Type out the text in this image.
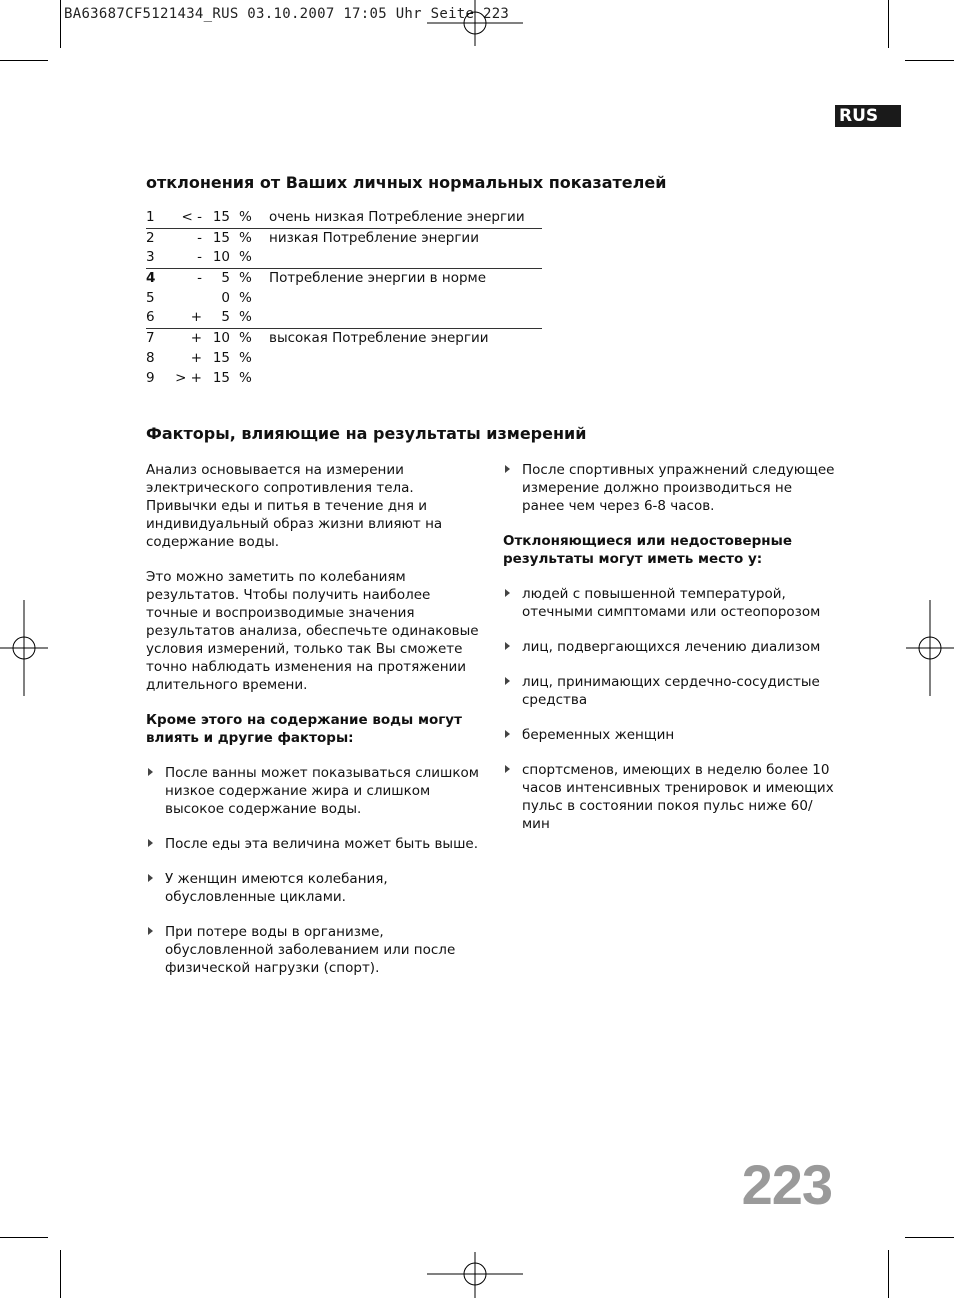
BA63687CF5121434_RUS 03.10.2007 17:05 Uhr Seite 223
RUS
отклонения от Ваших личных нормальных показателей
1	< - 15 % очень низкая Потребление энергии
2	- 15 % низкая Потребление энергии
3	- 10 %
4	-	5 % Потребление энергии в норме
5	0 %
6	+	5 %
7	+ 10 % высокая Потребление энергии
8	+ 15 %
9	> + 15 %
Факторы, влияющие на результаты измерений

Анализ основывается на измерении электрического сопротивления тела. Привычки еды и питья в течение дня и индивидуальный образ жизни влияют на содержание воды.

Это можно заметить по колебаниям результатов. Чтобы получить наиболее точные и воспроизводимые значения результатов анализа, обеспечьте одинаковые условия измерений, только так Вы сможете точно наблюдать изменения на протяжении длительного времени.

Кроме этого на содержание воды могут влиять и другие факторы:

После ванны может показываться слишком низкое содержание жира и слишком высокое содержание воды.
После еды эта величина может быть выше.
У женщин имеются колебания, обусловленные циклами.
При потере воды в организме, обусловленной заболеванием или после физической нагрузки (спорт).
После спортивных упражнений следующее измерение должно производиться не ранее чем через 6-8 часов.

Отклоняющиеся или недостоверные результаты могут иметь место у:

людей с повышенной температурой, отечными симптомами или остеопорозом
лиц, подвергающихся лечению диализом
лиц, принимающих сердечно-сосудистые средства
беременных женщин
спортсменов, имеющих в неделю более 10 часов интенсивных тренировок и имеющих пульс в состоянии покоя пульс ниже 60/мин
223
